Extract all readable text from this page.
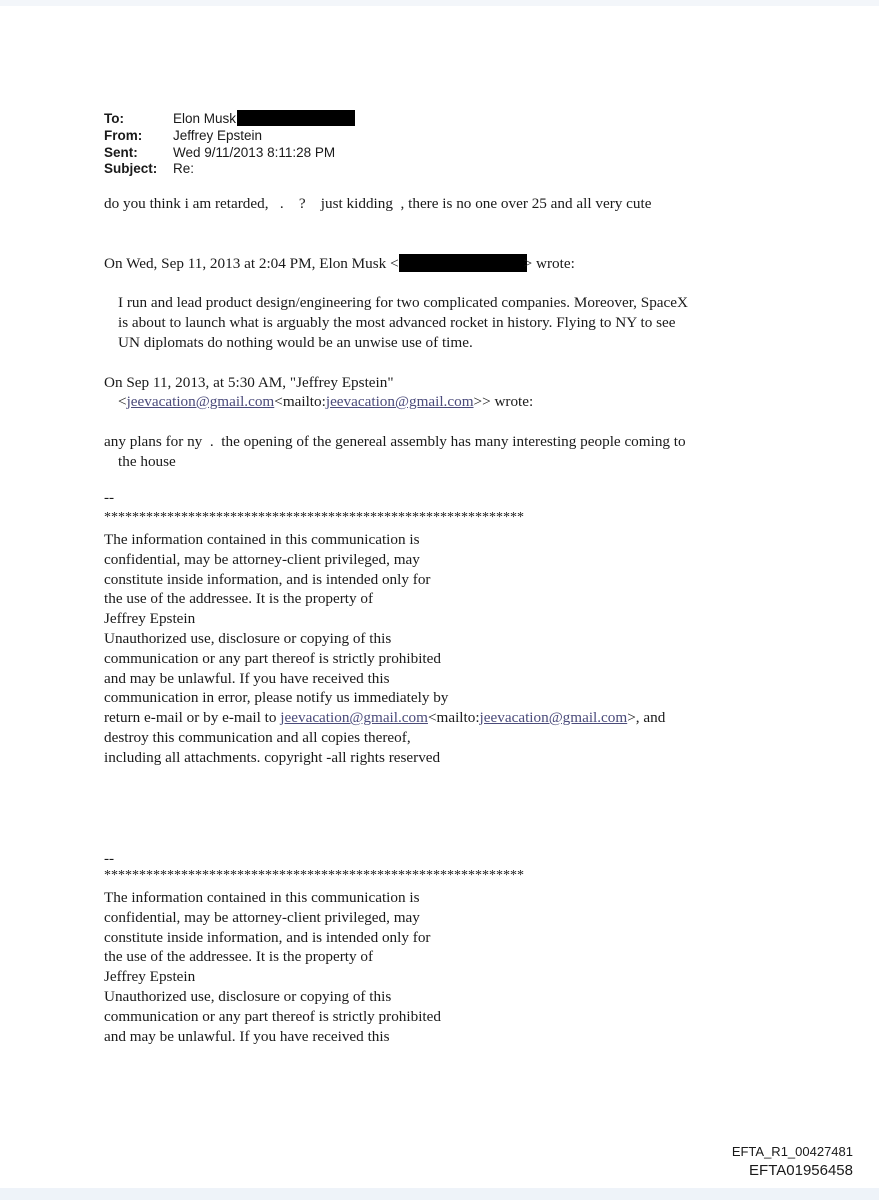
To:	Elon Musk
From: Jeffrey Epstein
Sent:	Wed 9/11/2013 8:11:28 PM
Subject: Re:
do you think i am retarded,   .    ?    just kidding  , there is no one over 25 and all very cute
On Wed, Sep 11, 2013 at 2:04 PM, Elon Musk <	> wrote:
I run and lead product design/engineering for two complicated companies. Moreover, SpaceX
is about to launch what is arguably the most advanced rocket in history. Flying to NY to see
UN diplomats do nothing would be an unwise use of time.
On Sep 11, 2013, at 5:30 AM, "Jeffrey Epstein"
<jeevacation@gmail.com<mailto:jeevacation@gmail.com>> wrote:
any plans for ny  .  the opening of the genereal assembly has many interesting people coming to
the house
--
************************************************************
The information contained in this communication is
confidential, may be attorney-client privileged, may
constitute inside information, and is intended only for
the use of the addressee. It is the property of
Jeffrey Epstein
Unauthorized use, disclosure or copying of this
communication or any part thereof is strictly prohibited
and may be unlawful. If you have received this
communication in error, please notify us immediately by
return e-mail or by e-mail to jeevacation@gmail.com<mailto:jeevacation@gmail.com>, and
destroy this communication and all copies thereof,
including all attachments. copyright -all rights reserved
--
************************************************************
The information contained in this communication is
confidential, may be attorney-client privileged, may
constitute inside information, and is intended only for
the use of the addressee. It is the property of
Jeffrey Epstein
Unauthorized use, disclosure or copying of this
communication or any part thereof is strictly prohibited
and may be unlawful. If you have received this
EFTA_R1_00427481
EFTA01956458
